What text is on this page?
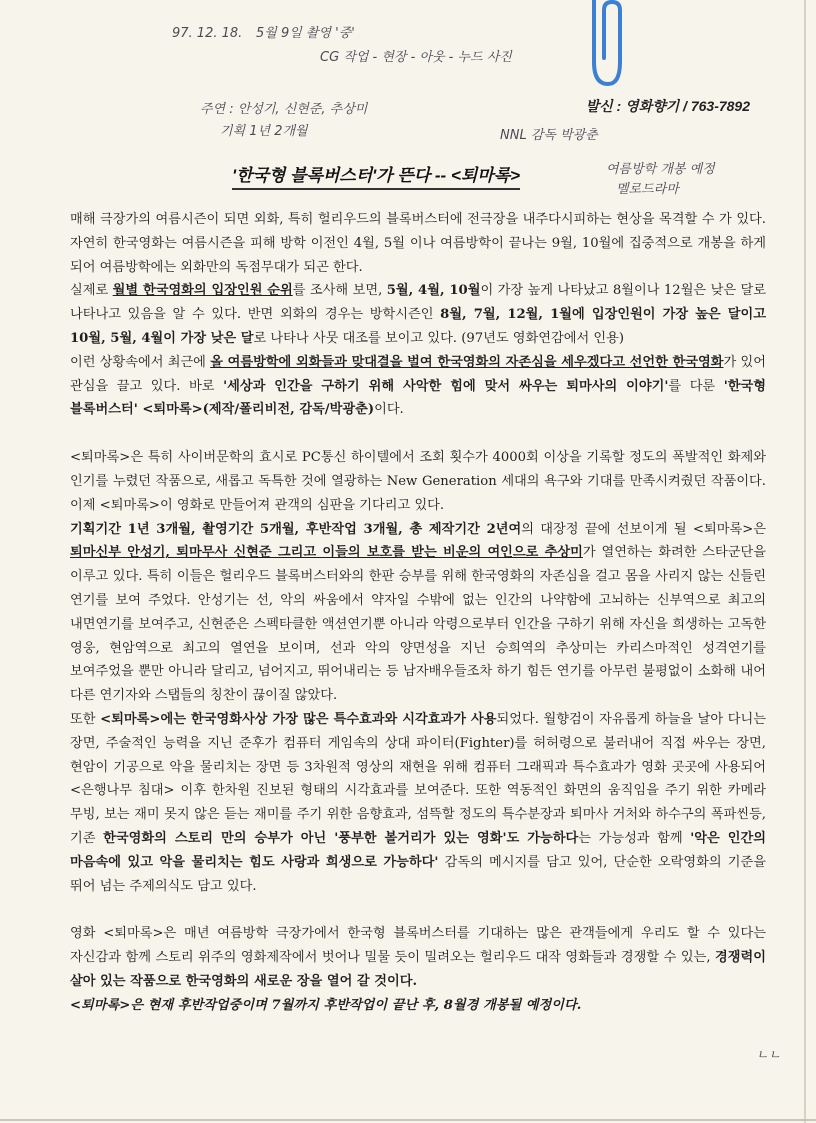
97. 12. 18. 5월 9일 촬영 '중'
CG 작업 - 현장 - 아웃 - 누드 사진
주연 : 안성기, 신현준, 추상미
기획 1년 2개월	NNL 감독 박광춘
여름방학 개봉 예정
멜로드라마
ㄴㄴ
발신 : 영화향기 / 763-7892
'한국형 블록버스터'가 뜬다 -- <퇴마록>

매해 극장가의 여름시즌이 되면 외화, 특히 헐리우드의 블록버스터에 전극장을 내주다시피하는 현상을 목격할 수 가 있다. 자연히 한국영화는 여름시즌을 피해 방학 이전인 4월, 5월 이나 여름방학이 끝나는 9월, 10월에 집중적으로 개봉을 하게 되어 여름방학에는 외화만의 독점무대가 되곤 한다.

실제로 월별 한국영화의 입장인원 순위를 조사해 보면, 5월, 4월, 10월이 가장 높게 나타났고 8월이나 12월은 낮은 달로 나타나고 있음을 알 수 있다. 반면 외화의 경우는 방학시즌인 8월, 7월, 12월, 1월에 입장인원이 가장 높은 달이고 10월, 5월, 4월이 가장 낮은 달로 나타나 사뭇 대조를 보이고 있다. (97년도 영화연감에서 인용)

이런 상황속에서 최근에 올 여름방학에 외화들과 맞대결을 벌여 한국영화의 자존심을 세우겠다고 선언한 한국영화가 있어 관심을 끌고 있다. 바로 '세상과 인간을 구하기 위해 사악한 힘에 맞서 싸우는 퇴마사의 이야기'를 다룬 '한국형 블록버스터' <퇴마록>(제작/폴리비전, 감독/박광춘)이다.

<퇴마록>은 특히 사이버문학의 효시로 PC통신 하이텔에서 조회 횟수가 4000회 이상을 기록할 정도의 폭발적인 화제와 인기를 누렸던 작품으로, 새롭고 독특한 것에 열광하는 New Generation 세대의 욕구와 기대를 만족시켜줬던 작품이다. 이제 <퇴마록>이 영화로 만들어져 관객의 심판을 기다리고 있다.

기획기간 1년 3개월, 촬영기간 5개월, 후반작업 3개월, 총 제작기간 2년여의 대장정 끝에 선보이게 될 <퇴마록>은 퇴마신부 안성기, 퇴마무사 신현준 그리고 이들의 보호를 받는 비운의 여인으로 추상미가 열연하는 화려한 스타군단을 이루고 있다. 특히 이들은 헐리우드 블록버스터와의 한판 승부를 위해 한국영화의 자존심을 걸고 몸을 사리지 않는 신들린 연기를 보여 주었다. 안성기는 선, 악의 싸움에서 약자일 수밖에 없는 인간의 나약함에 고뇌하는 신부역으로 최고의 내면연기를 보여주고, 신현준은 스펙타클한 액션연기뿐 아니라 악령으로부터 인간을 구하기 위해 자신을 희생하는 고독한 영웅, 현암역으로 최고의 열연을 보이며, 선과 악의 양면성을 지닌 승희역의 추상미는 카리스마적인 성격연기를 보여주었을 뿐만 아니라 달리고, 넘어지고, 뛰어내리는 등 남자배우들조차 하기 힘든 연기를 아무런 불평없이 소화해 내어 다른 연기자와 스탭들의 칭찬이 끊이질 않았다.

또한 <퇴마록>에는 한국영화사상 가장 많은 특수효과와 시각효과가 사용되었다. 월향검이 자유롭게 하늘을 날아 다니는 장면, 주술적인 능력을 지닌 준후가 컴퓨터 게임속의 상대 파이터(Fighter)를 허허령으로 불러내어 직접 싸우는 장면, 현암이 기공으로 악을 물리치는 장면 등 3차원적 영상의 재현을 위해 컴퓨터 그래픽과 특수효과가 영화 곳곳에 사용되어 <은행나무 침대> 이후 한차원 진보된 형태의 시각효과를 보여준다. 또한 역동적인 화면의 움직임을 주기 위한 카메라 무빙, 보는 재미 못지 않은 듣는 재미를 주기 위한 음향효과, 섬뜩할 정도의 특수분장과 퇴마사 거처와 하수구의 폭파씬등, 기존 한국영화의 스토리 만의 승부가 아닌 '풍부한 볼거리가 있는 영화'도 가능하다는 가능성과 함께 '악은 인간의 마음속에 있고 악을 물리치는 힘도 사랑과 희생으로 가능하다' 감독의 메시지를 담고 있어, 단순한 오락영화의 기준을 뛰어 넘는 주제의식도 담고 있다.

영화 <퇴마록>은 매년 여름방학 극장가에서 한국형 블록버스터를 기대하는 많은 관객들에게 우리도 할 수 있다는 자신감과 함께 스토리 위주의 영화제작에서 벗어나 밀물 듯이 밀려오는 헐리우드 대작 영화들과 경쟁할 수 있는, 경쟁력이 살아 있는 작품으로 한국영화의 새로운 장을 열어 갈 것이다.

<퇴마록>은 현재 후반작업중이며 7월까지 후반작업이 끝난 후, 8월경 개봉될 예정이다.
